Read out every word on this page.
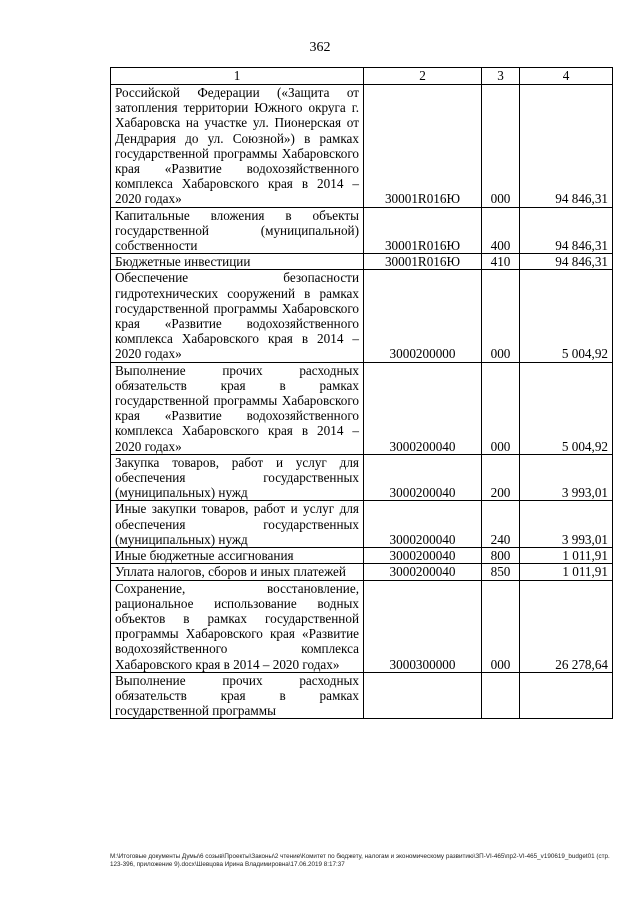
362
1	2	3	4
Российской Федерации («Защита от затопления территории Южного округа г. Хабаровска на участке ул. Пионерская от Дендрария до ул. Союзной») в рамках государственной программы Хабаровского края «Развитие водохозяйственного комплекса Хабаровского края в 2014 – 2020 годах»	30001R016Ю	000	94 846,31
Капитальные вложения в объекты государственной (муниципальной) собственности	30001R016Ю	400	94 846,31
Бюджетные инвестиции	30001R016Ю	410	94 846,31
Обеспечение безопасности гидротехнических сооружений в рамках государственной программы Хабаровского края «Развитие водохозяйственного комплекса Хабаровского края в 2014 – 2020 годах»	3000200000	000	5 004,92
Выполнение прочих расходных обязательств края в рамках государственной программы Хабаровского края «Развитие водохозяйственного комплекса Хабаровского края в 2014 – 2020 годах»	3000200040	000	5 004,92
Закупка товаров, работ и услуг для обеспечения государственных (муниципальных) нужд	3000200040	200	3 993,01
Иные закупки товаров, работ и услуг для обеспечения государственных (муниципальных) нужд	3000200040	240	3 993,01
Иные бюджетные ассигнования	3000200040	800	1 011,91
Уплата налогов, сборов и иных платежей	3000200040	850	1 011,91
Сохранение, восстановление, рациональное использование водных объектов в рамках государственной программы Хабаровского края «Развитие водохозяйственного комплекса Хабаровского края в 2014 – 2020 годах»	3000300000	000	26 278,64
Выполнение прочих расходных обязательств края в рамках государственной программы			
M:\Итоговые документы Думы\6 созыв\Проекты\Законы\2 чтение\Комитет по бюджету, налогам и экономическому развитию\ЗП-VI-465\пр2-VI-465_v190619_budget01 (стр.123-396, приложение 9).docx\Шевцова Ирина Владимировна\17.06.2019 8:17:37
